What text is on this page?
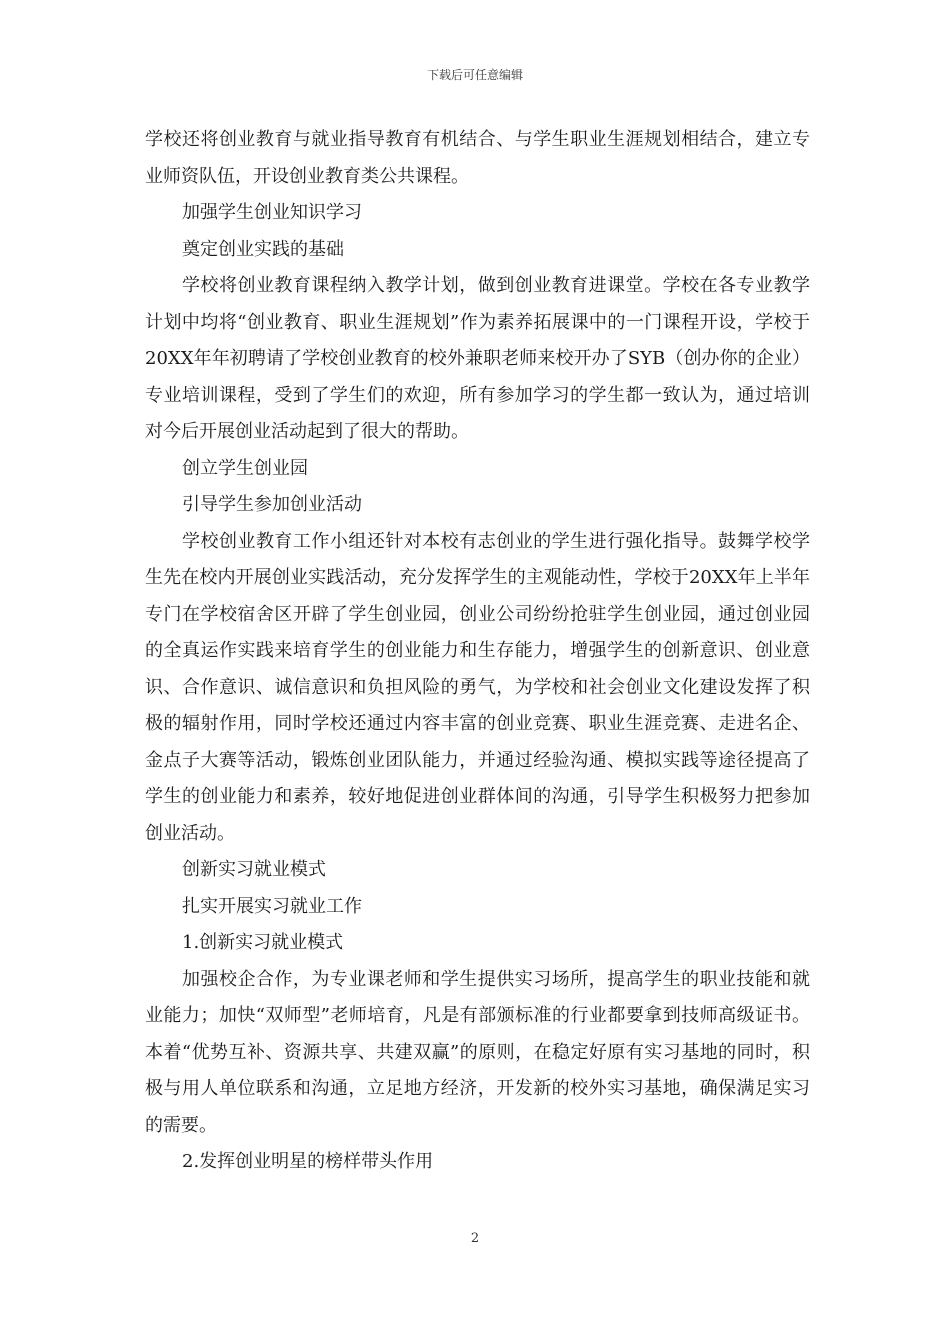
下载后可任意编辑

学校还将创业教育与就业指导教育有机结合、与学生职业生涯规划相结合，建立专业师资队伍，开设创业教育类公共课程。

加强学生创业知识学习

奠定创业实践的基础

学校将创业教育课程纳入教学计划，做到创业教育进课堂。学校在各专业教学计划中均将“创业教育、职业生涯规划”作为素养拓展课中的一门课程开设，学校于20XX年年初聘请了学校创业教育的校外兼职老师来校开办了SYB（创办你的企业）专业培训课程，受到了学生们的欢迎，所有参加学习的学生都一致认为，通过培训对今后开展创业活动起到了很大的帮助。

创立学生创业园

引导学生参加创业活动

学校创业教育工作小组还针对本校有志创业的学生进行强化指导。鼓舞学校学生先在校内开展创业实践活动，充分发挥学生的主观能动性，学校于20XX年上半年专门在学校宿舍区开辟了学生创业园，创业公司纷纷抢驻学生创业园，通过创业园的全真运作实践来培育学生的创业能力和生存能力，增强学生的创新意识、创业意识、合作意识、诚信意识和负担风险的勇气，为学校和社会创业文化建设发挥了积极的辐射作用，同时学校还通过内容丰富的创业竞赛、职业生涯竞赛、走进名企、金点子大赛等活动，锻炼创业团队能力，并通过经验沟通、模拟实践等途径提高了学生的创业能力和素养，较好地促进创业群体间的沟通，引导学生积极努力把参加创业活动。

创新实习就业模式

扎实开展实习就业工作

1.创新实习就业模式

加强校企合作，为专业课老师和学生提供实习场所，提高学生的职业技能和就业能力；加快“双师型”老师培育，凡是有部颁标准的行业都要拿到技师高级证书。本着“优势互补、资源共享、共建双赢”的原则，在稳定好原有实习基地的同时，积极与用人单位联系和沟通，立足地方经济，开发新的校外实习基地，确保满足实习的需要。

2.发挥创业明星的榜样带头作用

2
